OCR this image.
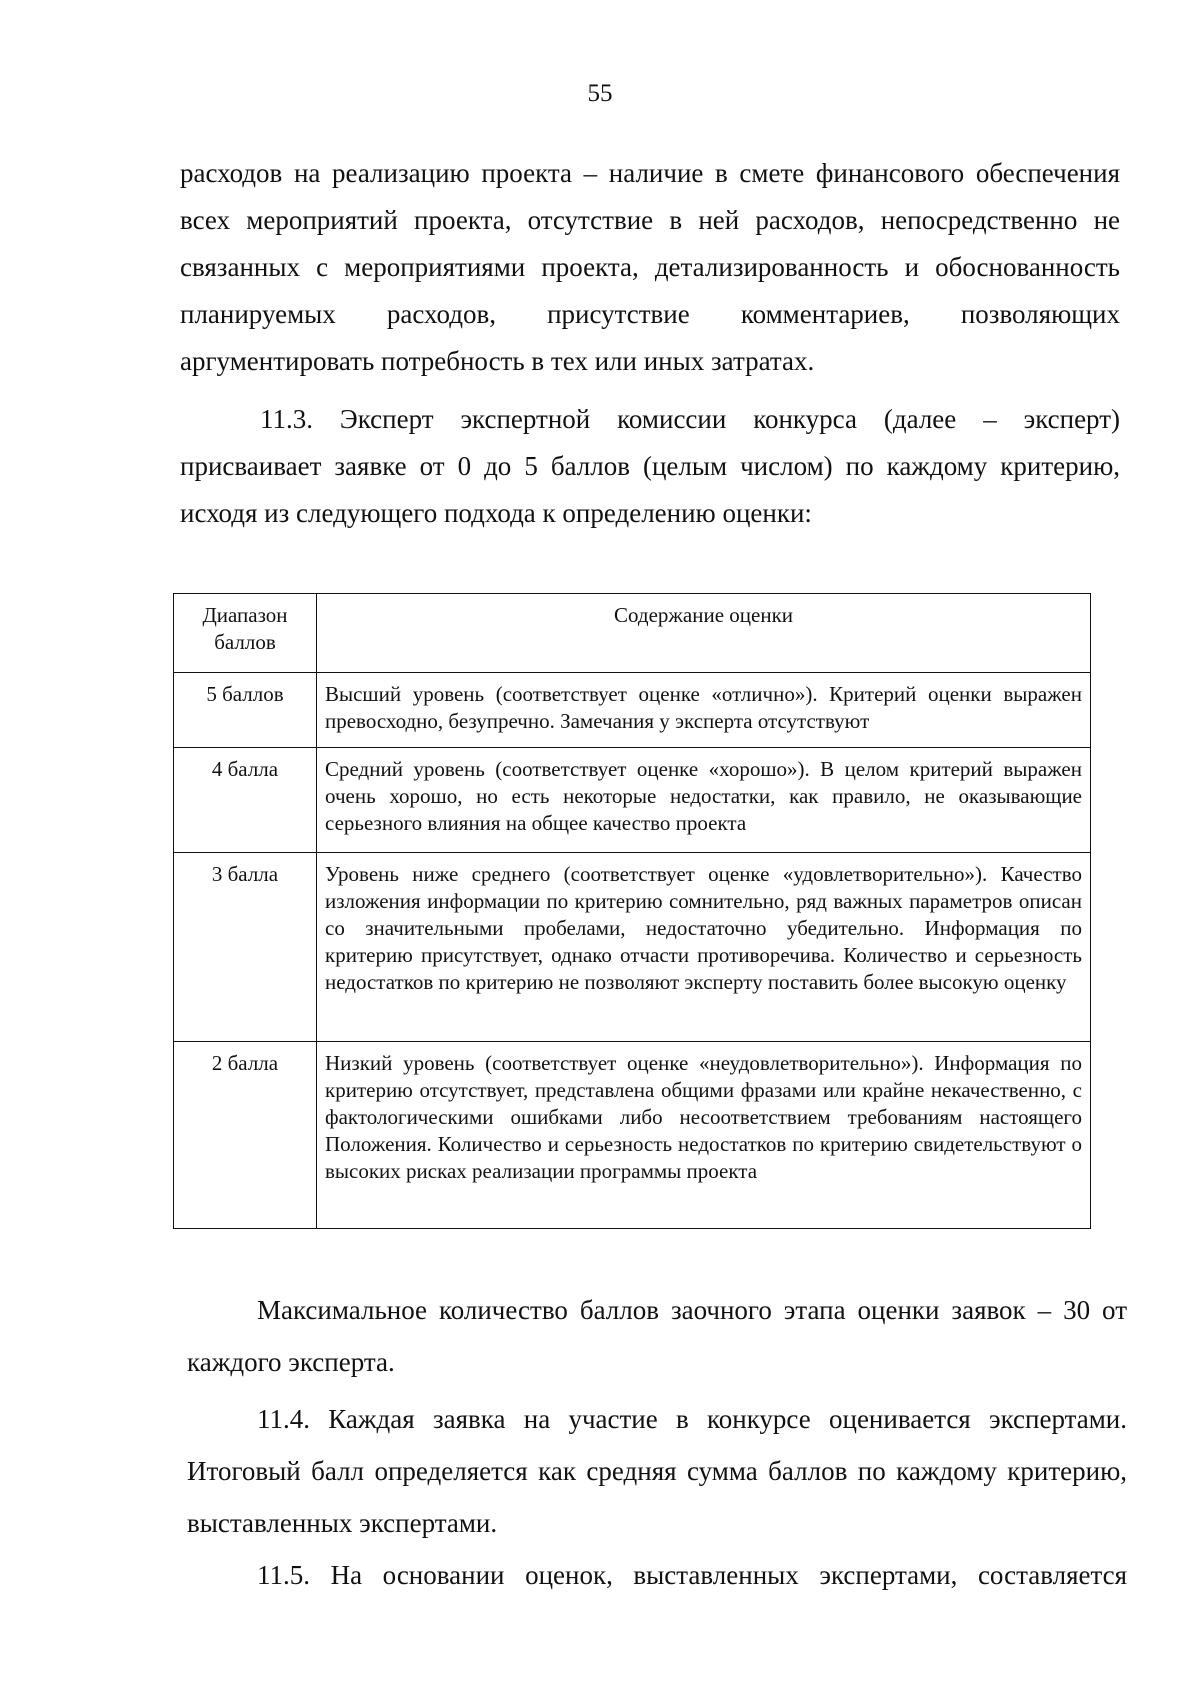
55

расходов на реализацию проекта – наличие в смете финансового обеспечения всех мероприятий проекта, отсутствие в ней расходов, непосредственно не связанных с мероприятиями проекта, детализированность и обоснованность планируемых расходов, присутствие комментариев, позволяющих аргументировать потребность в тех или иных затратах.

11.3. Эксперт экспертной комиссии конкурса (далее – эксперт) присваивает заявке от 0 до 5 баллов (целым числом) по каждому критерию, исходя из следующего подхода к определению оценки:

Диапазон баллов	Содержание оценки
5 баллов	Высший уровень (соответствует оценке «отлично»). Критерий оценки выражен превосходно, безупречно. Замечания у эксперта отсутствуют
4 балла	Средний уровень (соответствует оценке «хорошо»). В целом критерий выражен очень хорошо, но есть некоторые недостатки, как правило, не оказывающие серьезного влияния на общее качество проекта
3 балла	Уровень ниже среднего (соответствует оценке «удовлетворительно»). Качество изложения информации по критерию сомнительно, ряд важных параметров описан со значительными пробелами, недостаточно убедительно. Информация по критерию присутствует, однако отчасти противоречива. Количество и серьезность недостатков по критерию не позволяют эксперту поставить более высокую оценку
2 балла	Низкий уровень (соответствует оценке «неудовлетворительно»). Информация по критерию отсутствует, представлена общими фразами или крайне некачественно, с фактологическими ошибками либо несоответствием требованиям настоящего Положения. Количество и серьезность недостатков по критерию свидетельствуют о высоких рисках реализации программы проекта

Максимальное количество баллов заочного этапа оценки заявок – 30 от каждого эксперта.

11.4. Каждая заявка на участие в конкурсе оценивается экспертами. Итоговый балл определяется как средняя сумма баллов по каждому критерию, выставленных экспертами.

11.5. На основании оценок, выставленных экспертами, составляется
